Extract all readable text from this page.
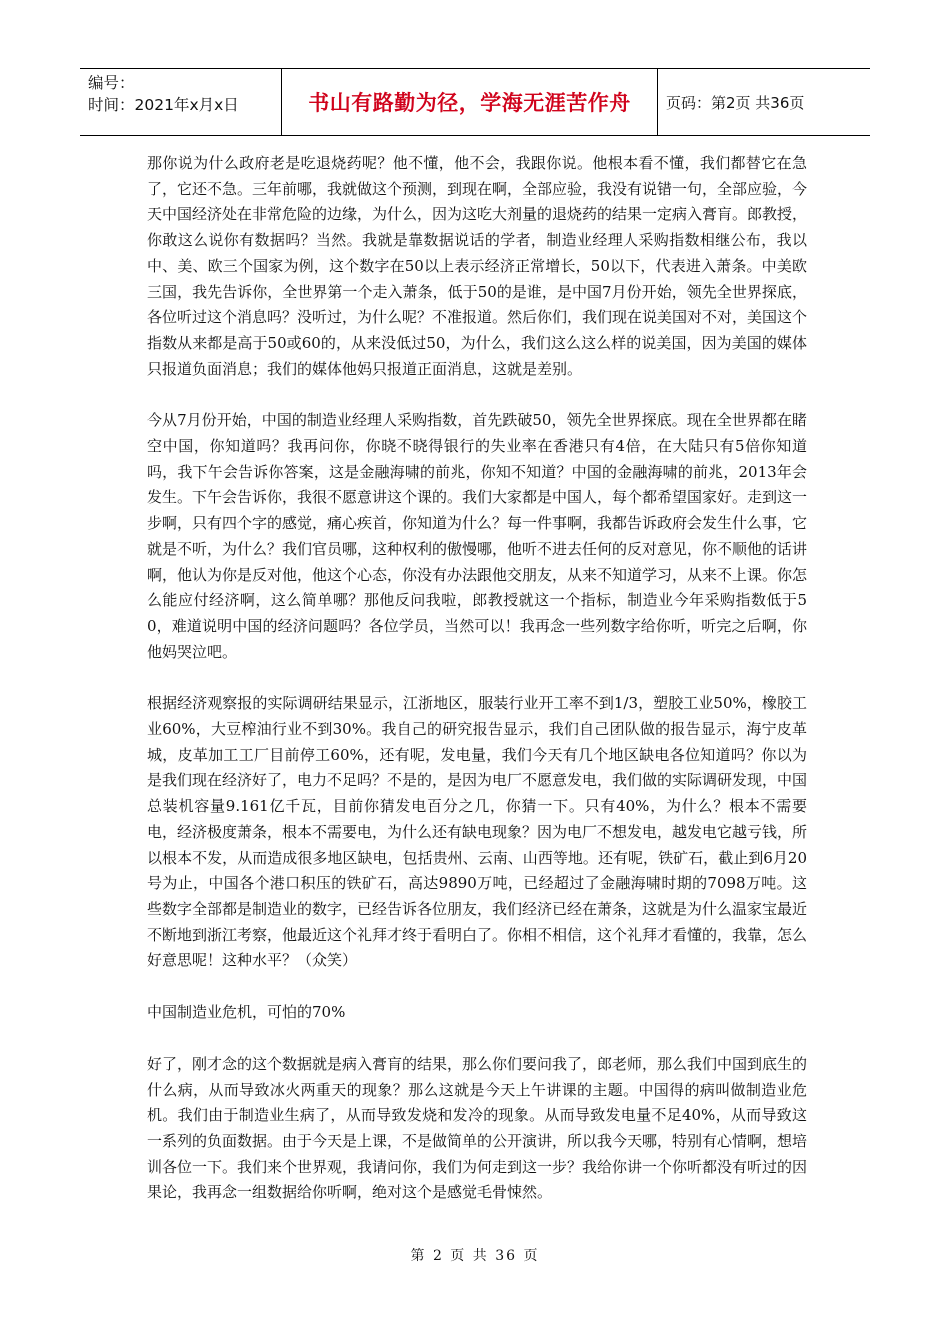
编号：
时间：2021年x月x日	书山有路勤为径，学海无涯苦作舟	页码：第2页 共36页

那你说为什么政府老是吃退烧药呢？他不懂，他不会，我跟你说。他根本看不懂，我们都替它在急了，它还不急。三年前哪，我就做这个预测，到现在啊，全部应验，我没有说错一句，全部应验，今天中国经济处在非常危险的边缘，为什么，因为这吃大剂量的退烧药的结果一定病入膏肓。郎教授，你敢这么说你有数据吗？当然。我就是靠数据说话的学者，制造业经理人采购指数相继公布，我以中、美、欧三个国家为例，这个数字在50以上表示经济正常增长，50以下，代表进入萧条。中美欧三国，我先告诉你，全世界第一个走入萧条，低于50的是谁，是中国7月份开始，领先全世界探底，各位听过这个消息吗？没听过，为什么呢？不准报道。然后你们，我们现在说美国对不对，美国这个指数从来都是高于50或60的，从来没低过50，为什么，我们这么这么样的说美国，因为美国的媒体只报道负面消息；我们的媒体他妈只报道正面消息，这就是差别。

今从7月份开始，中国的制造业经理人采购指数，首先跌破50，领先全世界探底。现在全世界都在睹空中国，你知道吗？我再问你，你晓不晓得银行的失业率在香港只有4倍，在大陆只有5倍你知道吗，我下午会告诉你答案，这是金融海啸的前兆，你知不知道？中国的金融海啸的前兆，2013年会发生。下午会告诉你，我很不愿意讲这个课的。我们大家都是中国人，每个都希望国家好。走到这一步啊，只有四个字的感觉，痛心疾首，你知道为什么？每一件事啊，我都告诉政府会发生什么事，它就是不听，为什么？我们官员哪，这种权利的傲慢哪，他听不进去任何的反对意见，你不顺他的话讲啊，他认为你是反对他，他这个心态，你没有办法跟他交朋友，从来不知道学习，从来不上课。你怎么能应付经济啊，这么简单哪？那他反问我啦，郎教授就这一个指标，制造业今年采购指数低于50，难道说明中国的经济问题吗？各位学员，当然可以！我再念一些列数字给你听，听完之后啊，你他妈哭泣吧。

根据经济观察报的实际调研结果显示，江浙地区，服装行业开工率不到1/3，塑胶工业50%，橡胶工业60%，大豆榨油行业不到30%。我自己的研究报告显示，我们自己团队做的报告显示，海宁皮革城，皮革加工工厂目前停工60%，还有呢，发电量，我们今天有几个地区缺电各位知道吗？你以为是我们现在经济好了，电力不足吗？不是的，是因为电厂不愿意发电，我们做的实际调研发现，中国总装机容量9.161亿千瓦，目前你猜发电百分之几，你猜一下。只有40%，为什么？根本不需要电，经济极度萧条，根本不需要电，为什么还有缺电现象？因为电厂不想发电，越发电它越亏钱，所以根本不发，从而造成很多地区缺电，包括贵州、云南、山西等地。还有呢，铁矿石，截止到6月20号为止，中国各个港口积压的铁矿石，高达9890万吨，已经超过了金融海啸时期的7098万吨。这些数字全部都是制造业的数字，已经告诉各位朋友，我们经济已经在萧条，这就是为什么温家宝最近不断地到浙江考察，他最近这个礼拜才终于看明白了。你相不相信，这个礼拜才看懂的，我靠，怎么好意思呢！这种水平？（众笑）

中国制造业危机，可怕的70%

好了，刚才念的这个数据就是病入膏肓的结果，那么你们要问我了，郎老师，那么我们中国到底生的什么病，从而导致冰火两重天的现象？那么这就是今天上午讲课的主题。中国得的病叫做制造业危机。我们由于制造业生病了，从而导致发烧和发冷的现象。从而导致发电量不足40%，从而导致这一系列的负面数据。由于今天是上课，不是做简单的公开演讲，所以我今天哪，特别有心情啊，想培训各位一下。我们来个世界观，我请问你，我们为何走到这一步？我给你讲一个你听都没有听过的因果论，我再念一组数据给你听啊，绝对这个是感觉毛骨悚然。

第 2 页 共 36 页
